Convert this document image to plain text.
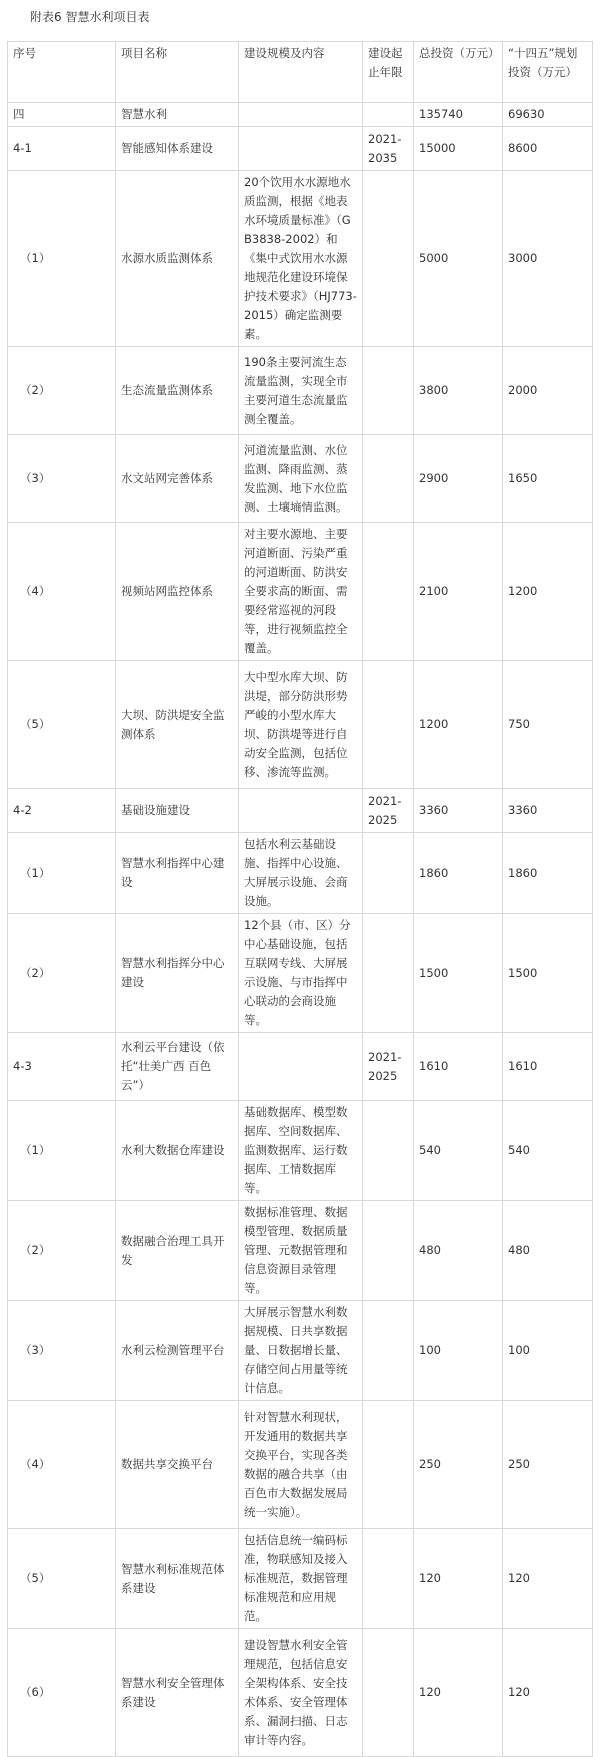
附表6 智慧水利项目表
序号	项目名称	建设规模及内容	建设起止年限	总投资（万元）	“十四五”规划投资（万元）
四	智慧水利			135740	69630
4-1	智能感知体系建设		2021-2035	15000	8600
（1）	水源水质监测体系	20个饮用水水源地水质监测，根据《地表水环境质量标准》（GB3838-2002）和《集中式饮用水水源地规范化建设环境保护技术要求》（HJ773-2015）确定监测要素。		5000	3000
（2）	生态流量监测体系	190条主要河流生态流量监测，实现全市主要河道生态流量监测全覆盖。		3800	2000
（3）	水文站网完善体系	河道流量监测、水位监测、降雨监测、蒸发监测、地下水位监测、土壤墒情监测。		2900	1650
（4）	视频站网监控体系	对主要水源地、主要河道断面、污染严重的河道断面、防洪安全要求高的断面、需要经常巡视的河段等，进行视频监控全覆盖。		2100	1200
（5）	大坝、防洪堤安全监测体系	大中型水库大坝、防洪堤，部分防洪形势严峻的小型水库大坝、防洪堤等进行自动安全监测，包括位移、渗流等监测。		1200	750
4-2	基础设施建设		2021-2025	3360	3360
（1）	智慧水利指挥中心建设	包括水利云基础设施、指挥中心设施、大屏展示设施、会商设施。		1860	1860
（2）	智慧水利指挥分中心建设	12个县（市、区）分中心基础设施，包括互联网专线、大屏展示设施、与市指挥中心联动的会商设施等。		1500	1500
4-3	水利云平台建设（依托“壮美广西 百色云”）		2021-2025	1610	1610
（1）	水利大数据仓库建设	基础数据库、模型数据库、空间数据库、监测数据库、运行数据库、工情数据库等。		540	540
（2）	数据融合治理工具开发	数据标准管理、数据模型管理、数据质量管理、元数据管理和信息资源目录管理等。		480	480
（3）	水利云检测管理平台	大屏展示智慧水利数据规模、日共享数据量、日数据增长量、存储空间占用量等统计信息。		100	100
（4）	数据共享交换平台	针对智慧水利现状，开发通用的数据共享交换平台，实现各类数据的融合共享（由百色市大数据发展局统一实施）。		250	250
（5）	智慧水利标准规范体系建设	包括信息统一编码标准，物联感知及接入标准规范，数据管理标准规范和应用规范。		120	120
（6）	智慧水利安全管理体系建设	建设智慧水利安全管理规范，包括信息安全架构体系、安全技术体系、安全管理体系、漏洞扫描、日志审计等内容。		120	120
